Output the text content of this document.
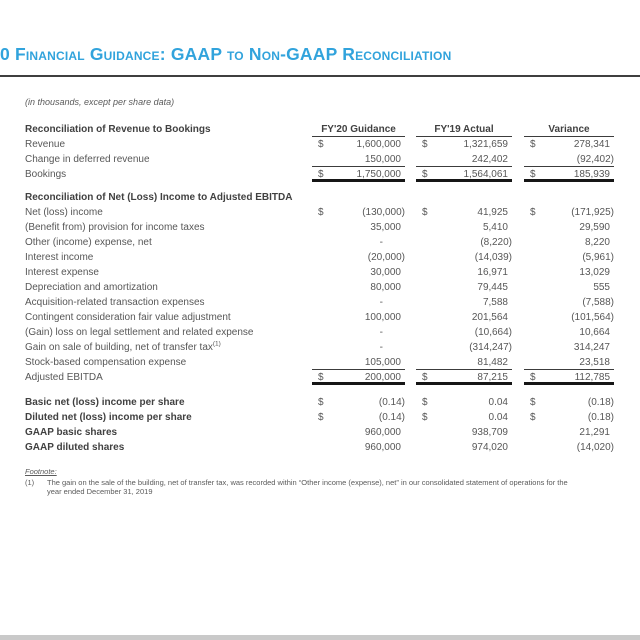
0 Financial Guidance: GAAP to Non-GAAP Reconciliation
(in thousands, except per share data)
Reconciliation of Revenue to Bookings	FY'20 Guidance	FY'19 Actual	Variance
Revenue	$	1,600,000	$	1,321,659	$	278,341
Change in deferred revenue	150,000	242,402	(92,402)
Bookings	$	1,750,000	$	1,564,061	$	185,939
Reconciliation of Net (Loss) Income to Adjusted EBITDA
Net (loss) income	$	(130,000) $	41,925	$	(171,925)
(Benefit from) provision for income taxes	35,000	5,410	29,590
Other (income) expense, net	-	(8,220)	8,220
Interest income	(20,000)	(14,039)	(5,961)
Interest expense	30,000	16,971	13,029
Depreciation and amortization	80,000	79,445	555
Acquisition-related transaction expenses	-	7,588	(7,588)
Contingent consideration fair value adjustment	100,000	201,564	(101,564)
(Gain) loss on legal settlement and related expense	-	(10,664)	10,664
Gain on sale of building, net of transfer tax$^{(1)}$	-	(314,247)	314,247
Stock-based compensation expense	105,000	81,482	23,518
Adjusted EBITDA	$	200,000	$	87,215	$	112,785
Basic net (loss) income per share	$	(0.14) $	0.04	$	(0.18)
Diluted net (loss) income per share	$	(0.14) $	0.04	$	(0.18)
GAAP basic shares	960,000	938,709	21,291
GAAP diluted shares	960,000	974,020	(14,020)
Footnote:
(1)	The gain on the sale of the building, net of transfer tax, was recorded within “Other income (expense), net” in our consolidated statement of operations for the year ended December 31, 2019
